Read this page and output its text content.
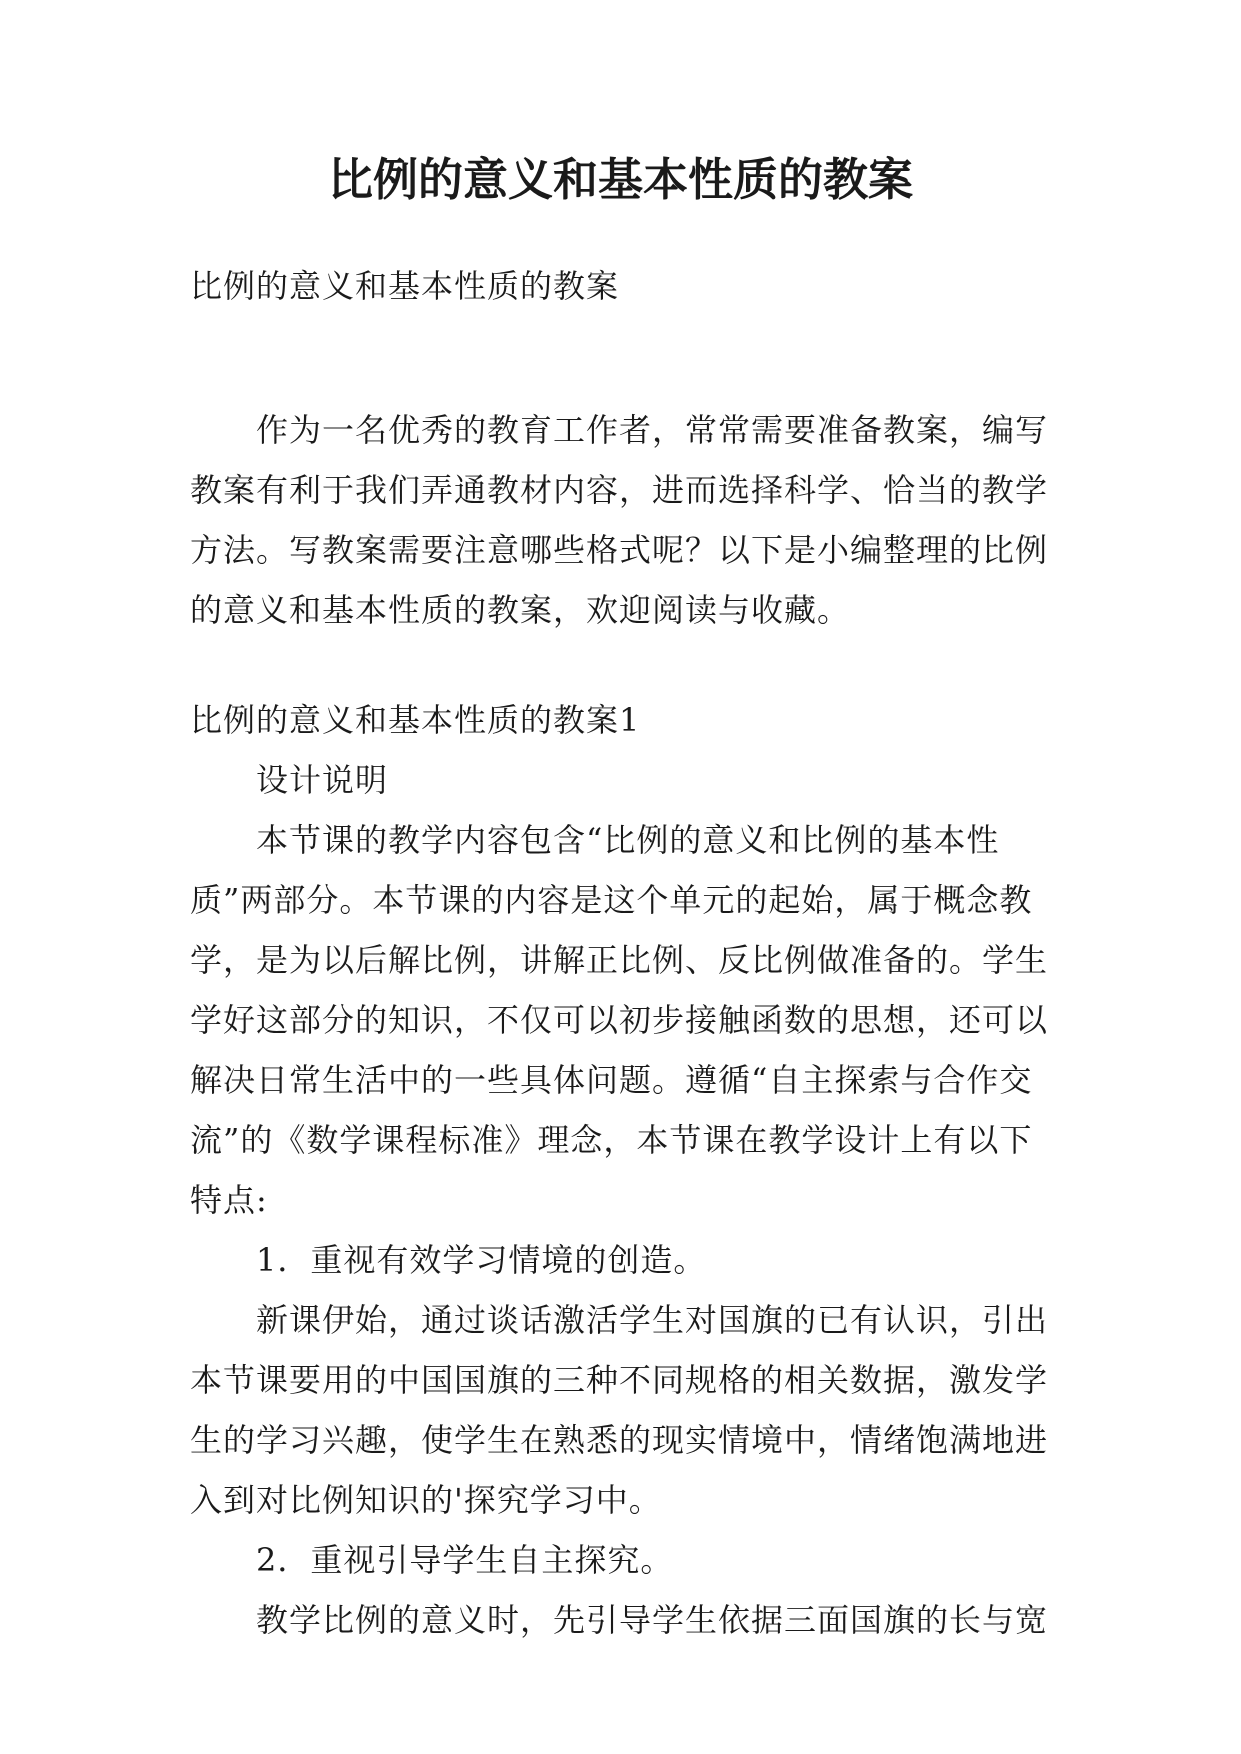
比例的意义和基本性质的教案
比例的意义和基本性质的教案
作为一名优秀的教育工作者，常常需要准备教案，编写教案有利于我们弄通教材内容，进而选择科学、恰当的教学方法。写教案需要注意哪些格式呢？以下是小编整理的比例的意义和基本性质的教案，欢迎阅读与收藏。

比例的意义和基本性质的教案1

设计说明

本节课的教学内容包含“比例的意义和比例的基本性质”两部分。本节课的内容是这个单元的起始，属于概念教学，是为以后解比例，讲解正比例、反比例做准备的。学生学好这部分的知识，不仅可以初步接触函数的思想，还可以解决日常生活中的一些具体问题。遵循“自主探索与合作交流”的《数学课程标准》理念，本节课在教学设计上有以下特点:

1．重视有效学习情境的创造。

新课伊始，通过谈话激活学生对国旗的已有认识，引出本节课要用的中国国旗的三种不同规格的相关数据，激发学生的学习兴趣，使学生在熟悉的现实情境中，情绪饱满地进入到对比例知识的'探究学习中。

2．重视引导学生自主探究。

教学比例的意义时，先引导学生依据三面国旗的长与宽
